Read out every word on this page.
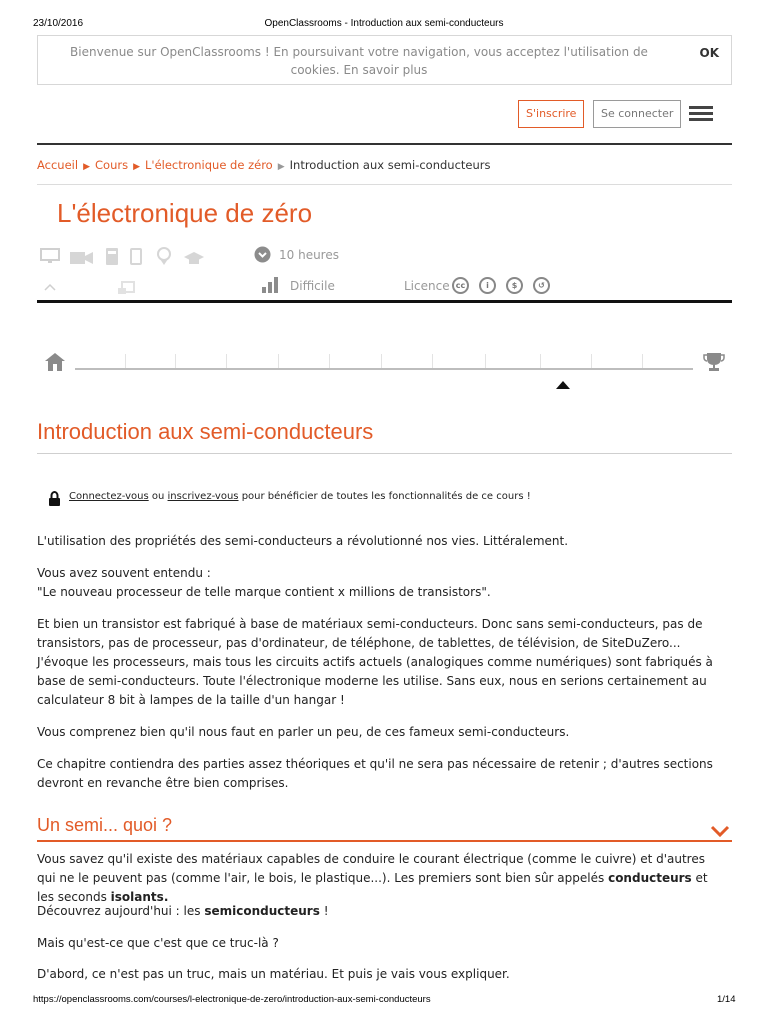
23/10/2016	OpenClassrooms - Introduction aux semi-conducteurs
Bienvenue sur OpenClassrooms ! En poursuivant votre navigation, vous acceptez l'utilisation de cookies. En savoir plus
OK
S'inscrire	Se connecter
Accueil ▶ Cours ▶ L'électronique de zéro ▶ Introduction aux semi-conducteurs
L'électronique de zéro
10 heures
Difficile	Licence cc	i	$	↺
Introduction aux semi-conducteurs
Connectez-vous ou inscrivez-vous pour bénéficier de toutes les fonctionnalités de ce cours !
L'utilisation des propriétés des semi-conducteurs a révolutionné nos vies. Littéralement.
Vous avez souvent entendu :
"Le nouveau processeur de telle marque contient x millions de transistors".
Et bien un transistor est fabriqué à base de matériaux semi-conducteurs. Donc sans semi-conducteurs, pas de transistors, pas de processeur, pas d'ordinateur, de téléphone, de tablettes, de télévision, de SiteDuZero... J'évoque les processeurs, mais tous les circuits actifs actuels (analogiques comme numériques) sont fabriqués à base de semi-conducteurs. Toute l'électronique moderne les utilise. Sans eux, nous en serions certainement au calculateur 8 bit à lampes de la taille d'un hangar !
Vous comprenez bien qu'il nous faut en parler un peu, de ces fameux semi-conducteurs.
Ce chapitre contiendra des parties assez théoriques et qu'il ne sera pas nécessaire de retenir ; d'autres sections devront en revanche être bien comprises.
Un semi... quoi ?
Vous savez qu'il existe des matériaux capables de conduire le courant électrique (comme le cuivre) et d'autres qui ne le peuvent pas (comme l'air, le bois, le plastique...). Les premiers sont bien sûr appelés conducteurs et les seconds isolants.
Découvrez aujourd'hui : les semiconducteurs !
Mais qu'est-ce que c'est que ce truc-là ?
D'abord, ce n'est pas un truc, mais un matériau. Et puis je vais vous expliquer.
https://openclassrooms.com/courses/l-electronique-de-zero/introduction-aux-semi-conducteurs	1/14
